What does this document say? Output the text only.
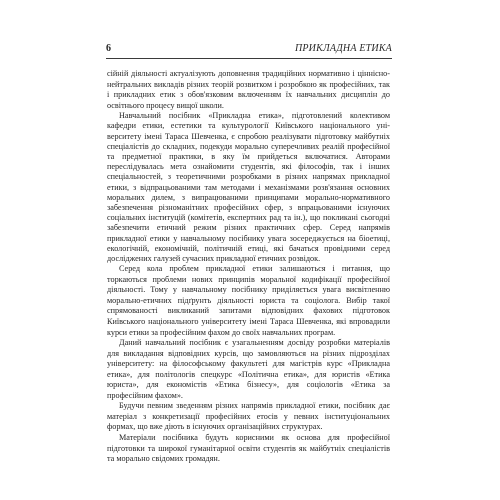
6	ПРИКЛАДНА ЕТИКА

сійній діяльності актуалізують доповнення традиційних нормативно і ціннісно-нейтральних викладів різних теорій розвитком і розробкою як професійних, так і прикладних етик з обов'язковим включенням їх навчальних дисциплін до освітнього процесу вищої школи.

Навчальний посібник «Прикладна етика», підготовлений колективом кафедри етики, естетики та культурології Київського національного університету імені Тараса Шевченка, є спробою реалізувати підготовку майбутніх спеціалістів до складних, подекуди морально суперечливих реалій професійної та предметної практики, в яку їм прийдеться включатися. Авторами переслідувалась мета ознайомити студентів, які філософів, так і інших спеціальностей, з теоретичними розробками в різних напрямах прикладної етики, з відпрацьованими там методами і механізмами розв'язання основних моральних дилем, з випрацюваними принципами морально-нормативного забезпечення різноманітних професійних сфер, з впрацьованими існуючих соціальних інституцій (комітетів, експертних рад та ін.), що покликані сьогодні забезпечити етичний режим різних практичних сфер. Серед напрямів прикладної етики у навчальному посібнику увага зосереджується на біоетиці, екологічній, економічній, політичній етиці, які бачаться провідними серед досліджених галузей сучасних прикладної етичних розвідок.

Серед кола проблем прикладної етики залишаються і питання, що торкаються проблеми нових принципів моральної кодифікації професійної діяльності. Тому у навчальному посібнику приділяється увага висвітленню морально-етичних підґрунть діяльності юриста та соціолога. Вибір такої спрямованості викликаний запитами відповідних фахових підготовок Київського національного університету імені Тараса Шевченка, які впровадили курси етики за професійним фахом до своїх навчальних програм.

Даний навчальний посібник є узагальненням досвіду розробки матеріалів для викладання відповідних курсів, що замовляються на різних підрозділах університету: на філософському факультеті для магістрів курс «Прикладна етика», для політологів спецкурс «Політична етика», для юристів «Етика юриста», для економістів «Етика бізнесу», для соціологів «Етика за професійним фахом».

Будучи певним зведенням різних напрямів прикладної етики, посібник дає матеріал з конкретизації професійних етосів у певних інституціональних формах, що вже діють в існуючих організаційних структурах.

Матеріали посібника будуть корисними як основа для професійної підготовки та широкої гуманітарної освіти студентів як майбутніх спеціалістів та морально свідомих громадян.
